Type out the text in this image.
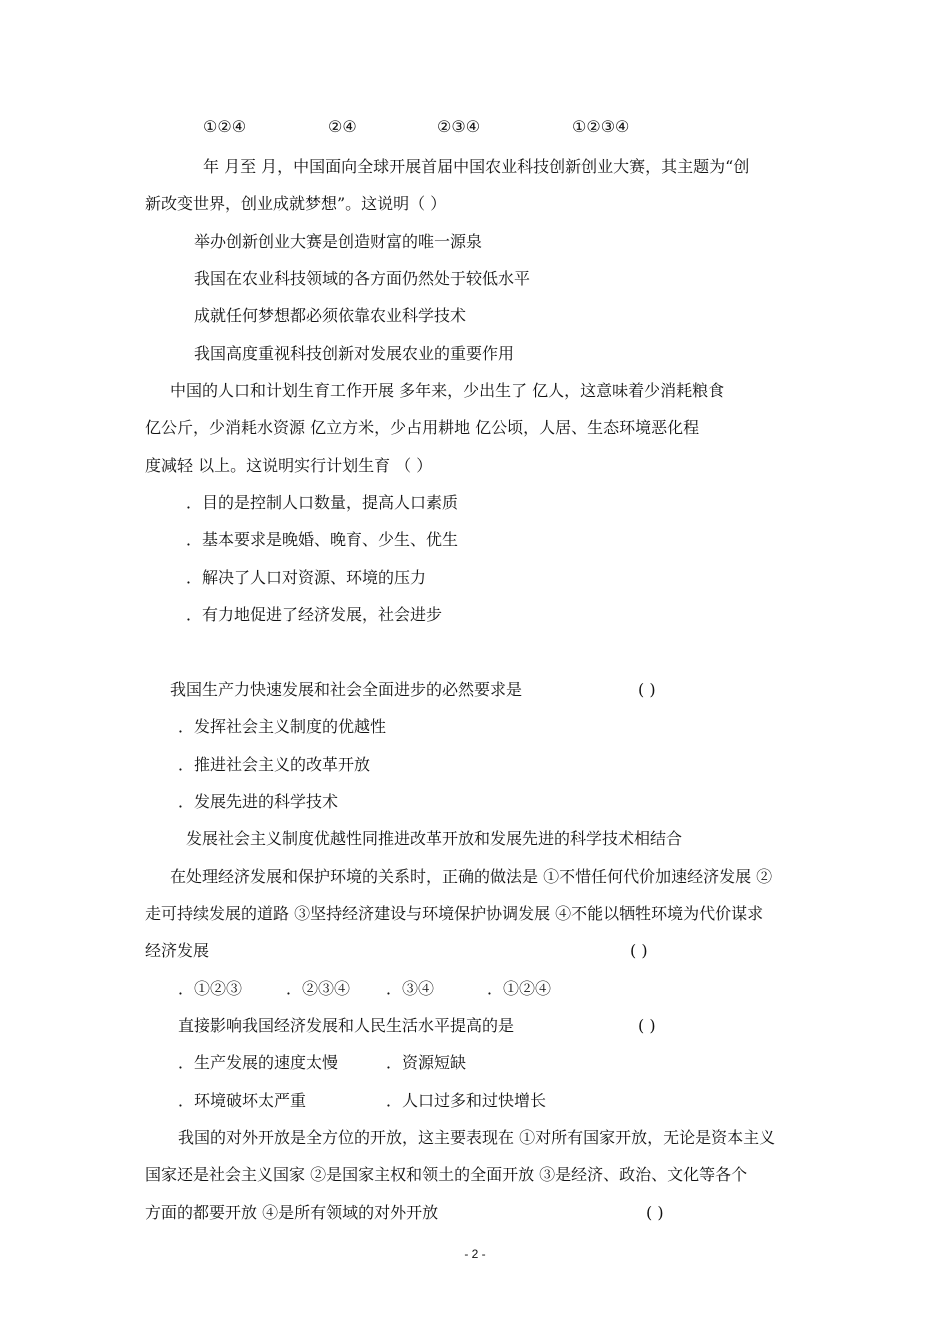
①②④	②④	②③④	①②③④
年 月至 月，中国面向全球开展首届中国农业科技创新创业大赛，其主题为“创
新改变世界，创业成就梦想”。这说明（ ）
举办创新创业大赛是创造财富的唯一源泉
我国在农业科技领域的各方面仍然处于较低水平
成就任何梦想都必须依靠农业科学技术
我国高度重视科技创新对发展农业的重要作用
中国的人口和计划生育工作开展 多年来，少出生了 亿人，这意味着少消耗粮食
亿公斤，少消耗水资源 亿立方米，少占用耕地 亿公顷，人居、生态环境恶化程
度减轻 以上。这说明实行计划生育 （ ）
．目的是控制人口数量，提高人口素质
．基本要求是晚婚、晚育、少生、优生
．解决了人口对资源、环境的压力
．有力地促进了经济发展，社会进步
我国生产力快速发展和社会全面进步的必然要求是	( )
．发挥社会主义制度的优越性
．推进社会主义的改革开放
．发展先进的科学技术
发展社会主义制度优越性同推进改革开放和发展先进的科学技术相结合
在处理经济发展和保护环境的关系时，正确的做法是 ①不惜任何代价加速经济发展 ②
走可持续发展的道路 ③坚持经济建设与环境保护协调发展 ④不能以牺牲环境为代价谋求
经济发展	( )
．①②③	．②③④ ．③④	．①②④
直接影响我国经济发展和人民生活水平提高的是	( )
．生产发展的速度太慢	．资源短缺
．环境破坏太严重	．人口过多和过快增长
我国的对外开放是全方位的开放，这主要表现在 ①对所有国家开放，无论是资本主义
国家还是社会主义国家 ②是国家主权和领土的全面开放 ③是经济、政治、文化等各个
方面的都要开放 ④是所有领域的对外开放	( )
- 2 -
